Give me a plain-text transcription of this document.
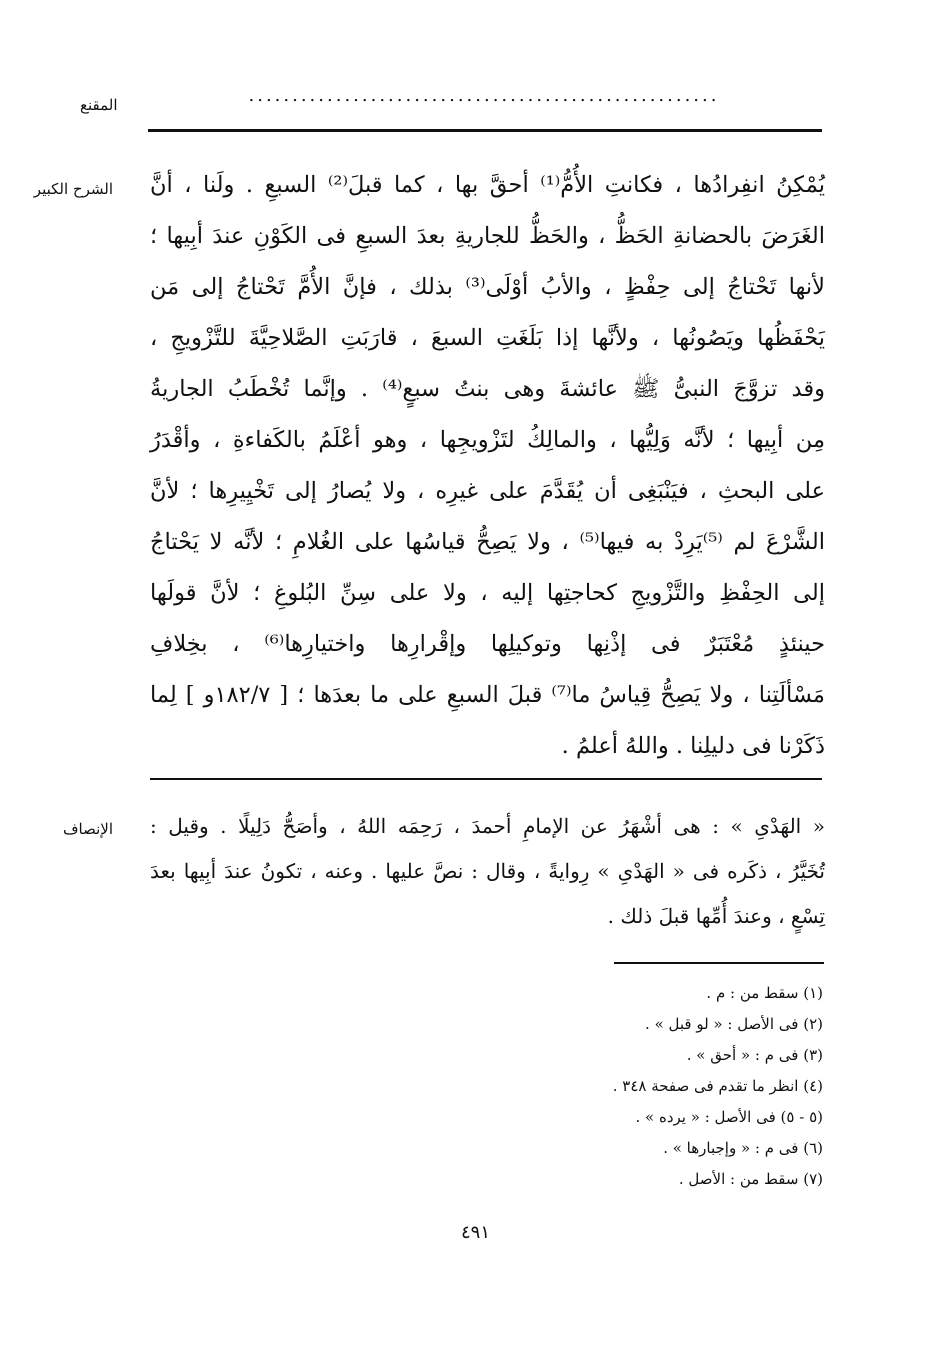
المقنع	......................................................
الشرح الكبير يُمْكِنُ انفِرادُها ، فكانتِ الأُمُّ⁽¹⁾ أحقَّ بها ، كما قبلَ⁽²⁾ السبعِ . ولَنا ، أنَّ
الغَرَضَ بالحضانةِ الحَظُّ ، والحَظُّ للجاريةِ بعدَ السبعِ فى الكَوْنِ عندَ أبِيها ؛
لأنها تَحْتاجُ إلى حِفْظٍ ، والأبُ أوْلَى⁽³⁾ بذلك ، فإنَّ الأُمَّ تَحْتاجُ إلى مَن
يَحْفَظُها ويَصُونُها ، ولأنَّها إذا بَلَغَتِ السبعَ ، قارَبَتِ الصَّلاحِيَّةَ للتَّزْويجِ ،
وقد تزوَّجَ النبىُّ ﷺ عائشةَ وهى بنتُ سبعٍ⁽⁴⁾ . وإنَّما تُخْطَبُ الجاريةُ
مِن أبِيها ؛ لأنَّه وَلِيُّها ، والمالِكُ لتَزْويجِها ، وهو أعْلَمُ بالكَفاءةِ ، وأقْدَرُ
على البحثِ ، فيَنْبَغِى أن يُقَدَّمَ على غيرِه ، ولا يُصارُ إلى تَخْيِيرِها ؛ لأنَّ
الشَّرْعَ لم ⁽⁵⁾يَرِدْ به فيها⁽⁵⁾ ، ولا يَصِحُّ قياسُها على الغُلامِ ؛ لأنَّه لا يَحْتاجُ
إلى الحِفْظِ والتَّزْويجِ كحاجتِها إليه ، ولا على سِنِّ البُلوغِ ؛ لأنَّ قولَها
حينئذٍ مُعْتَبَرٌ فى إذْنِها وتوكيلِها وإقْرارِها واختيارِها⁽⁶⁾ ، بخِلافِ
مَسْألَتِنا ، ولا يَصِحُّ قِياسُ ما⁽⁷⁾ قبلَ السبعِ على ما بعدَها ؛ [ ١٨٢/٧و ] لِما
ذَكَرْنا فى دليلِنا . واللهُ أعلمُ .
الإنصاف « الهَدْىِ » : هى أشْهَرُ عن الإمامِ أحمدَ ، رَحِمَه اللهُ ، وأصَحُّ دَلِيلًا . وقيل :
تُخَيَّرُ ، ذكَره فى « الهَدْىِ » رِوايةً ، وقال : نصَّ عليها . وعنه ، تكونُ عندَ أبِيها بعدَ
تِسْعٍ ، وعندَ أُمِّها قبلَ ذلك .
(١) سقط من : م .
(٢) فى الأصل : « لو قبل » .
(٣) فى م : « أحق » .
(٤) انظر ما تقدم فى صفحة ٣٤٨ .
(٥ - ٥) فى الأصل : « يرده » .
(٦) فى م : « وإجبارها » .
(٧) سقط من : الأصل .
٤٩١
